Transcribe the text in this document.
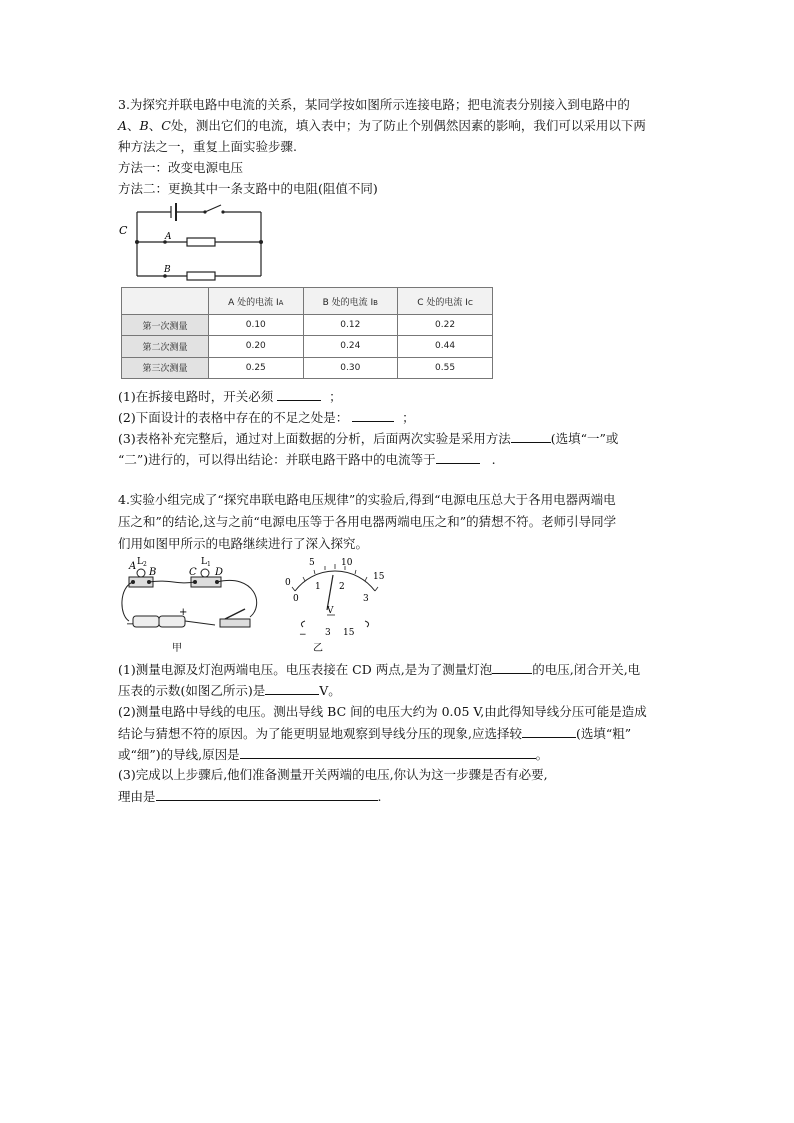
3.为探究并联电路中电流的关系，某同学按如图所示连接电路；把电流表分别接入到电路中的
A、B、C处，测出它们的电流，填入表中；为了防止个别偶然因素的影响，我们可以采用以下两
种方法之一，重复上面实验步骤.
方法一：改变电源电压
方法二：更换其中一条支路中的电阻(阻值不同)
C	A
B
	A 处的电流 IA	B 处的电流 IB	C 处的电流 IC
第一次测量	0.10	0.12	0.22
第二次测量	0.20	0.24	0.44
第三次测量	0.25	0.30	0.55
(1)在拆接电路时，开关必须	；
(2)下面设计的表格中存在的不足之处是：	；
(3)表格补充完整后，通过对上面数据的分析，后面两次实验是采用方法	(选填“一”或
“二”)进行的，可以得出结论：并联电路干路中的电流等于	.
4.实验小组完成了“探究串联电路电压规律”的实验后,得到“电源电压总大于各用电器两端电
压之和”的结论,这与之前“电源电压等于各用电器两端电压之和”的猜想不符。老师引导同学
们用如图甲所示的电路继续进行了深入探究。
A
B	C D
$L_2$	$L_1$
−
+
甲
5	10
15
0
0
1 2
3
V
− 3 15
乙
(1)测量电源及灯泡两端电压。电压表接在 CD 两点,是为了测量灯泡	的电压,闭合开关,电
压表的示数(如图乙所示)是	V。
(2)测量电路中导线的电压。测出导线 BC 间的电压大约为 0.05 V,由此得知导线分压可能是造成
结论与猜想不符的原因。为了能更明显地观察到导线分压的现象,应选择较	(选填“粗”
或“细”)的导线,原因是	。
(3)完成以上步骤后,他们准备测量开关两端的电压,你认为这一步骤是否有必要,
理由是	.
